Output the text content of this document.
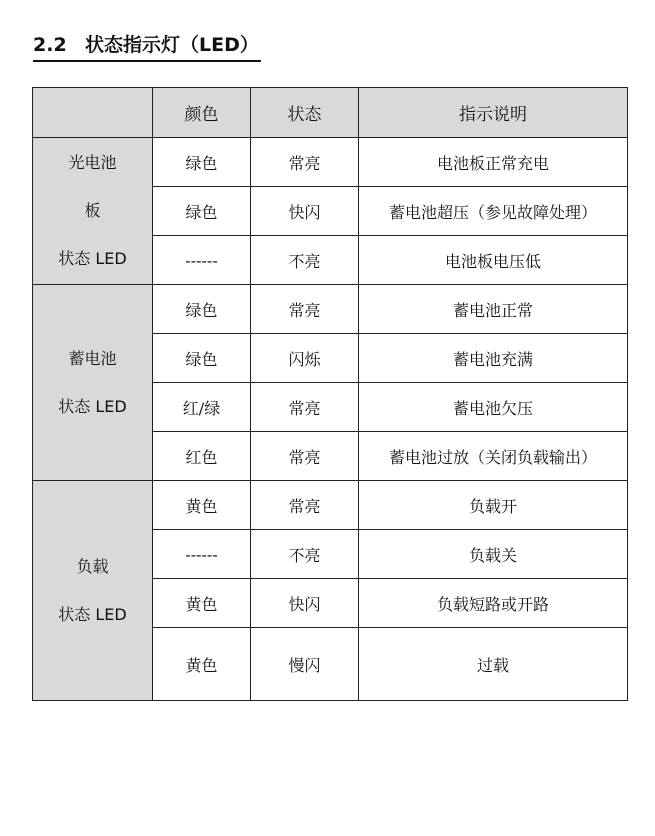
2.2 状态指示灯（LED）
	颜色	状态	指示说明

光电池
板
状态 LED	绿色	常亮	电池板正常充电
	绿色	快闪	蓄电池超压（参见故障处理）
	------	不亮	电池板电压低

蓄电池
状态 LED	绿色	常亮	蓄电池正常
	绿色	闪烁	蓄电池充满
	红/绿	常亮	蓄电池欠压
	红色	常亮	蓄电池过放（关闭负载输出）

负载
状态 LED	黄色	常亮	负载开
	------	不亮	负载关
	黄色	快闪	负载短路或开路
	黄色	慢闪	过载
